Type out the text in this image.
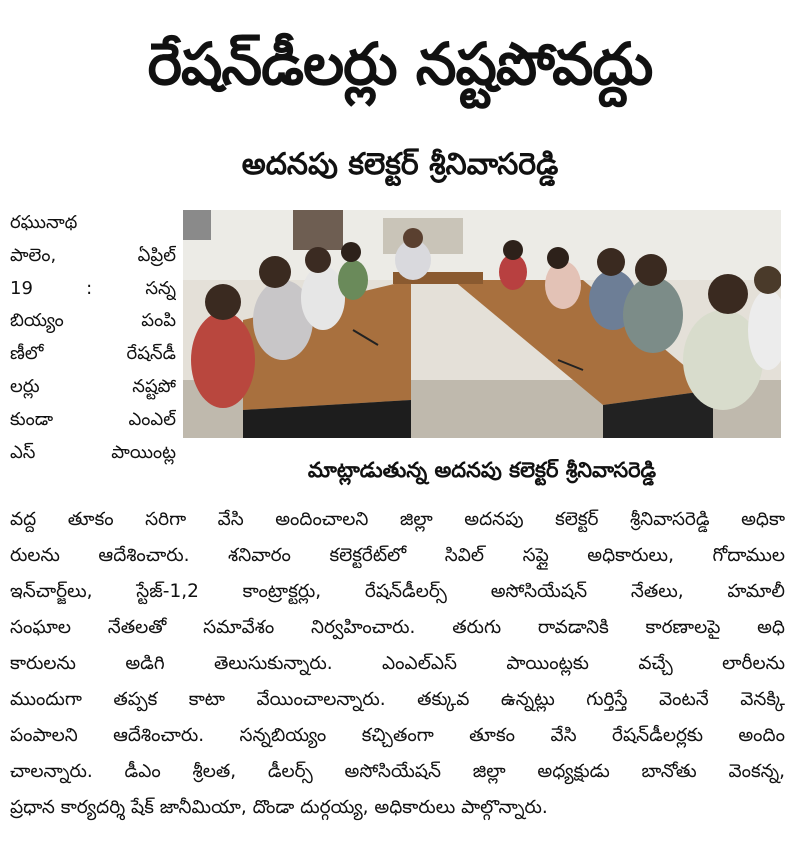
రేషన్‌డీలర్లు నష్టపోవద్దు
అదనపు కలెక్టర్ శ్రీనివాసరెడ్డి
మాట్లాడుతున్న అదనపు కలెక్టర్ శ్రీనివాసరెడ్డి
రఘునాథ
పాలెం, ఏప్రిల్
19 : సన్న
బియ్యం పంపి
ణీలో రేషన్‌డీ
లర్లు నష్టపో
కుండా ఎంఎల్
ఎస్ పాయింట్ల
వద్ద తూకం సరిగా వేసి అందించాలని జిల్లా అదనపు కలెక్టర్ శ్రీనివాసరెడ్డి అధికా
రులను ఆదేశించారు. శనివారం కలెక్టరేట్‌లో సివిల్ సప్లై అధికారులు, గోదాముల
ఇన్‌చార్జ్‌లు, స్టేజ్-1,2 కాంట్రాక్టర్లు, రేషన్‌డీలర్స్ అసోసియేషన్ నేతలు, హమాలీ
సంఘాల నేతలతో సమావేశం నిర్వహించారు. తరుగు రావడానికి కారణాలపై అధి
కారులను అడిగి తెలుసుకున్నారు. ఎంఎల్ఎస్ పాయింట్లకు వచ్చే లారీలను
ముందుగా తప్పక కాటా వేయించాలన్నారు. తక్కువ ఉన్నట్లు గుర్తిస్తే వెంటనే వెనక్కి
పంపాలని ఆదేశించారు. సన్నబియ్యం కచ్చితంగా తూకం వేసి రేషన్‌డీలర్లకు అందిం
చాలన్నారు. డీఎం శ్రీలత, డీలర్స్ అసోసియేషన్ జిల్లా అధ్యక్షుడు బానోతు వెంకన్న,
ప్రధాన కార్యదర్శి షేక్ జానీమియా, దొండా దుర్గయ్య, అధికారులు పాల్గొన్నారు.
